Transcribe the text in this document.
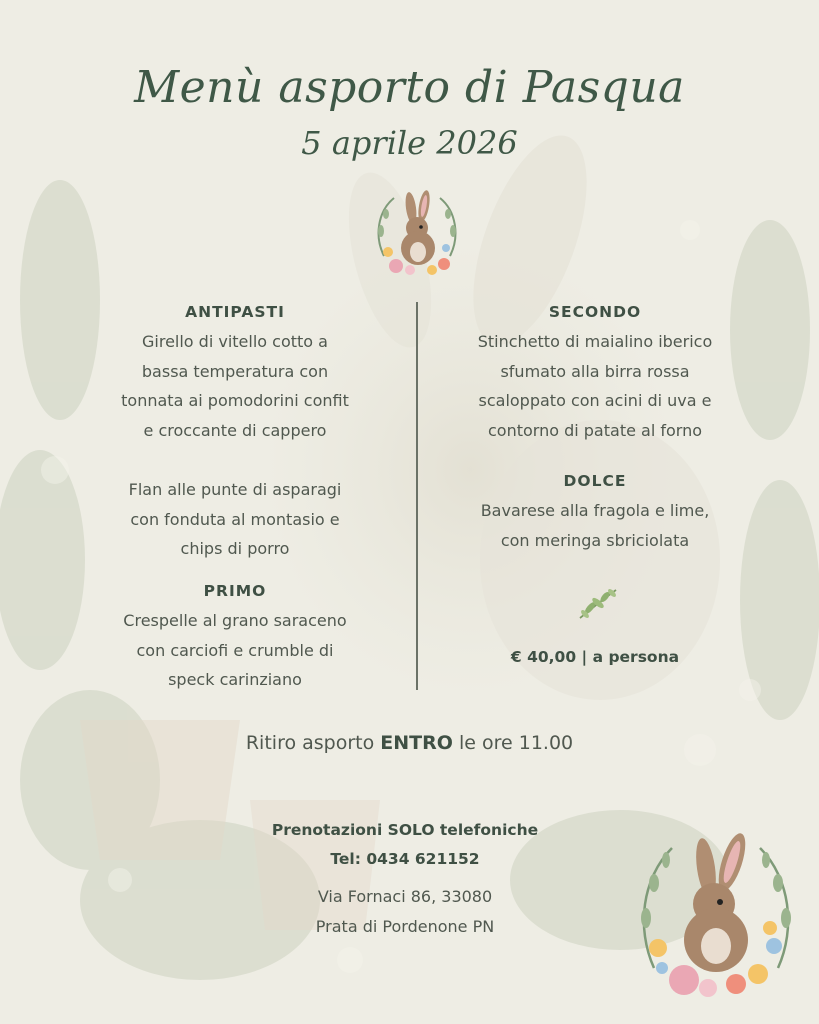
Menù asporto di Pasqua
5 aprile 2026
ANTIPASTI

Girello di vitello cotto a
bassa temperatura con
tonnata ai pomodorini confit
e croccante di cappero

Flan alle punte di asparagi
con fonduta al montasio e
chips di porro

PRIMO

Crespelle al grano saraceno
con carciofi e crumble di
speck carinziano

SECONDO

Stinchetto di maialino iberico
sfumato alla birra rossa
scaloppato con acini di uva e
contorno di patate al forno

DOLCE

Bavarese alla fragola e lime,
con meringa sbriciolata

€ 40,00 | a persona
Ritiro asporto ENTRO le ore 11.00
Prenotazioni SOLO telefoniche
Tel: 0434 621152
Via Fornaci 86, 33080
Prata di Pordenone PN
